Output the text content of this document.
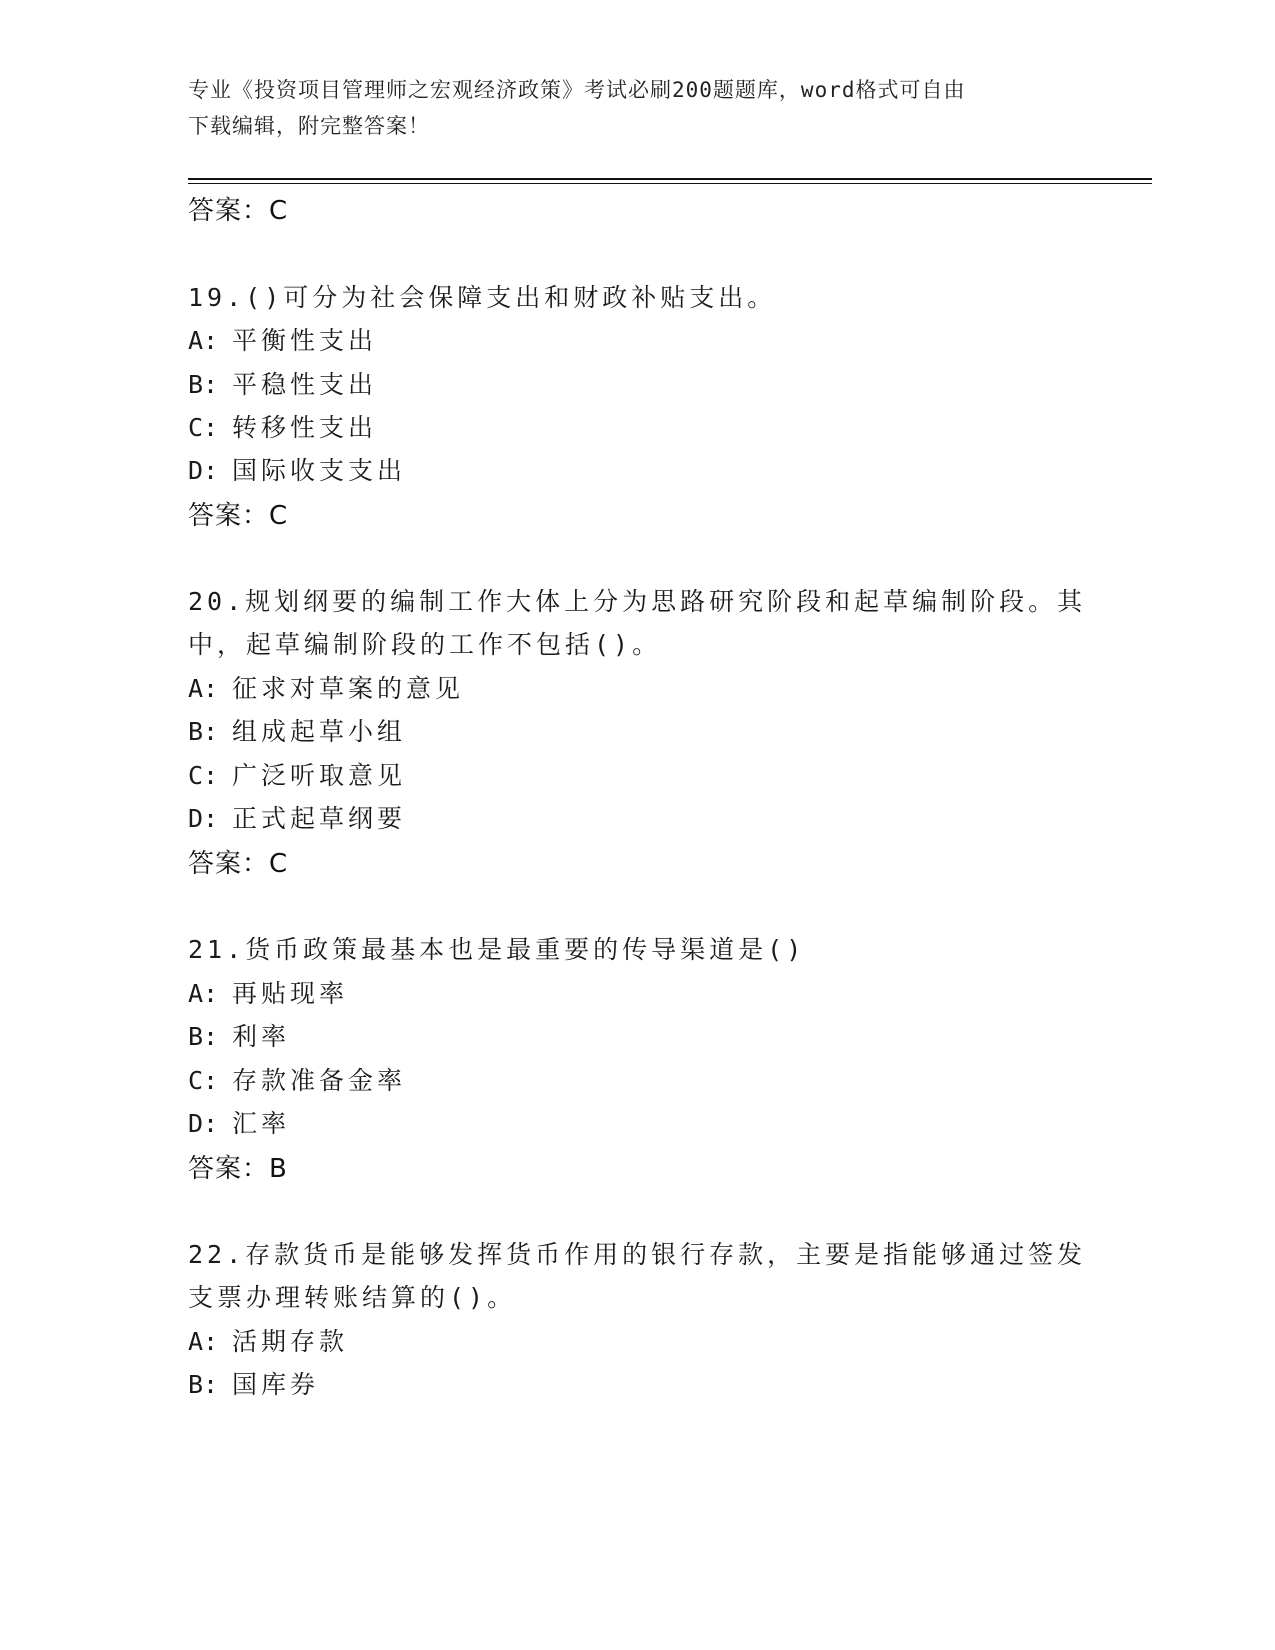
专业《投资项目管理师之宏观经济政策》考试必刷200题题库，word格式可自由
下载编辑，附完整答案！
答案：C
19.()可分为社会保障支出和财政补贴支出。
A: 平衡性支出
B: 平稳性支出
C: 转移性支出
D: 国际收支支出
答案：C
20.规划纲要的编制工作大体上分为思路研究阶段和起草编制阶段。其
中，起草编制阶段的工作不包括()。
A: 征求对草案的意见
B: 组成起草小组
C: 广泛听取意见
D: 正式起草纲要
答案：C
21.货币政策最基本也是最重要的传导渠道是()
A: 再贴现率
B: 利率
C: 存款准备金率
D: 汇率
答案：B
22.存款货币是能够发挥货币作用的银行存款，主要是指能够通过签发
支票办理转账结算的()。
A: 活期存款
B: 国库券
